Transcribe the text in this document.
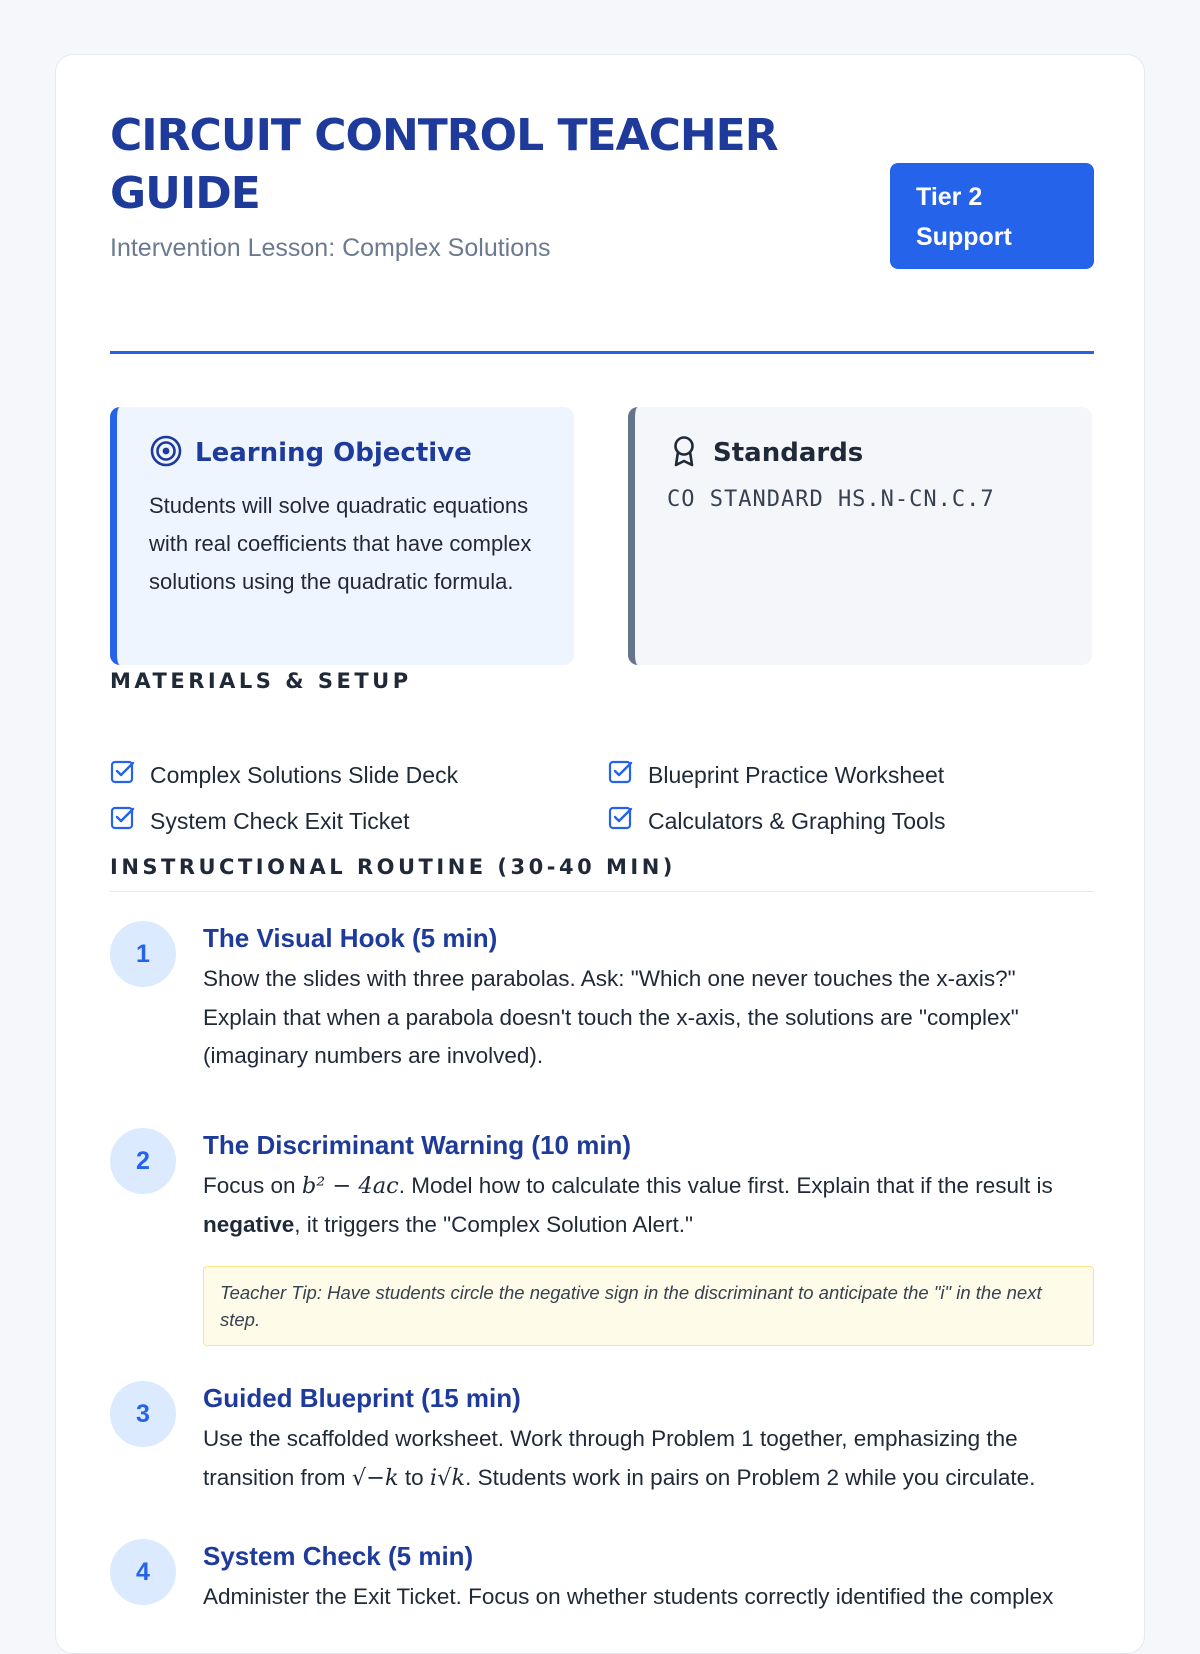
CIRCUIT CONTROL TEACHER GUIDE
Intervention Lesson: Complex Solutions
Tier 2 Support
Learning Objective
Students will solve quadratic equations with real coefficients that have complex solutions using the quadratic formula.
Standards
CO STANDARD HS.N-CN.C.7
MATERIALS & SETUP
Complex Solutions Slide Deck	Blueprint Practice Worksheet
System Check Exit Ticket	Calculators & Graphing Tools
INSTRUCTIONAL ROUTINE (30-40 MIN)
1
The Visual Hook (5 min)
Show the slides with three parabolas. Ask: "Which one never touches the x-axis?" Explain that when a parabola doesn't touch the x-axis, the solutions are "complex" (imaginary numbers are involved).
2
The Discriminant Warning (10 min)
Focus on b² − 4ac. Model how to calculate this value first. Explain that if the result is negative, it triggers the "Complex Solution Alert."
Teacher Tip: Have students circle the negative sign in the discriminant to anticipate the "i" in the next step.
3
Guided Blueprint (15 min)
Use the scaffolded worksheet. Work through Problem 1 together, emphasizing the transition from √−k to i√k. Students work in pairs on Problem 2 while you circulate.
4
System Check (5 min)
Administer the Exit Ticket. Focus on whether students correctly identified the complex
